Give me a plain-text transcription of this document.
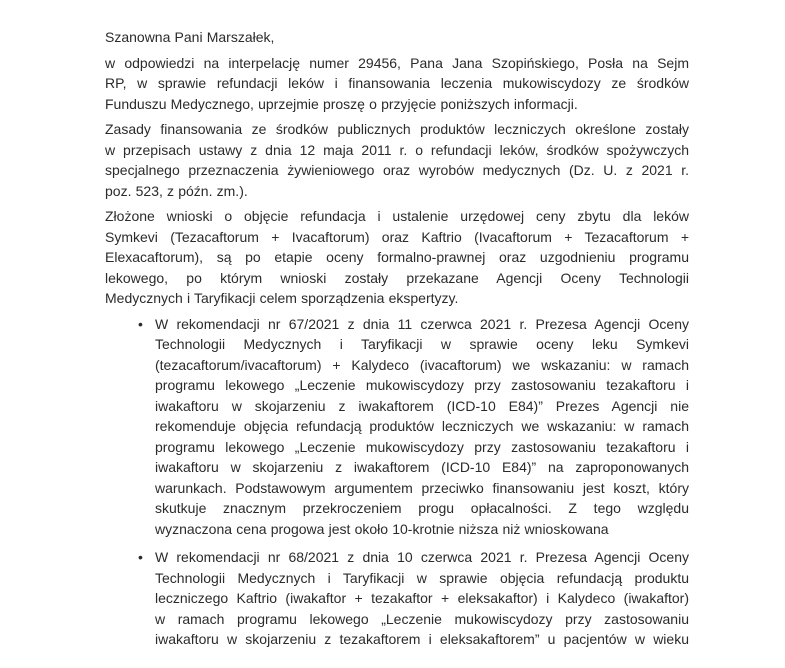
Szanowna Pani Marszałek,

w odpowiedzi na interpelację numer 29456, Pana Jana Szopińskiego, Posła na Sejm
RP, w sprawie refundacji leków i finansowania leczenia mukowiscydozy ze środków
Funduszu Medycznego, uprzejmie proszę o przyjęcie poniższych informacji.

Zasady finansowania ze środków publicznych produktów leczniczych określone zostały
w przepisach ustawy z dnia 12 maja 2011 r. o refundacji leków, środków spożywczych
specjalnego przeznaczenia żywieniowego oraz wyrobów medycznych (Dz. U. z 2021 r.
poz. 523, z późn. zm.).

Złożone wnioski o objęcie refundacja i ustalenie urzędowej ceny zbytu dla leków
Symkevi (Tezacaftorum + Ivacaftorum) oraz Kaftrio (Ivacaftorum + Tezacaftorum +
Elexacaftorum), są po etapie oceny formalno-prawnej oraz uzgodnieniu programu
lekowego, po którym wnioski zostały przekazane Agencji Oceny Technologii
Medycznych i Taryfikacji celem sporządzenia ekspertyzy.

• W rekomendacji nr 67/2021 z dnia 11 czerwca 2021 r. Prezesa Agencji Oceny
Technologii Medycznych i Taryfikacji w sprawie oceny leku Symkevi
(tezacaftorum/ivacaftorum) + Kalydeco (ivacaftorum) we wskazaniu: w ramach
programu lekowego „Leczenie mukowiscydozy przy zastosowaniu tezakaftoru i
iwakaftoru w skojarzeniu z iwakaftorem (ICD-10 E84)” Prezes Agencji nie
rekomenduje objęcia refundacją produktów leczniczych we wskazaniu: w ramach
programu lekowego „Leczenie mukowiscydozy przy zastosowaniu tezakaftoru i
iwakaftoru w skojarzeniu z iwakaftorem (ICD-10 E84)” na zaproponowanych
warunkach. Podstawowym argumentem przeciwko finansowaniu jest koszt, który
skutkuje znacznym przekroczeniem progu opłacalności. Z tego względu
wyznaczona cena progowa jest około 10-krotnie niższa niż wnioskowana
• W rekomendacji nr 68/2021 z dnia 10 czerwca 2021 r. Prezesa Agencji Oceny
Technologii Medycznych i Taryfikacji w sprawie objęcia refundacją produktu
leczniczego Kaftrio (iwakaftor + tezakaftor + eleksakaftor) i Kalydeco (iwakaftor)
w ramach programu lekowego „Leczenie mukowiscydozy przy zastosowaniu
iwakaftoru w skojarzeniu z tezakaftorem i eleksakaftorem” u pacjentów w wieku
